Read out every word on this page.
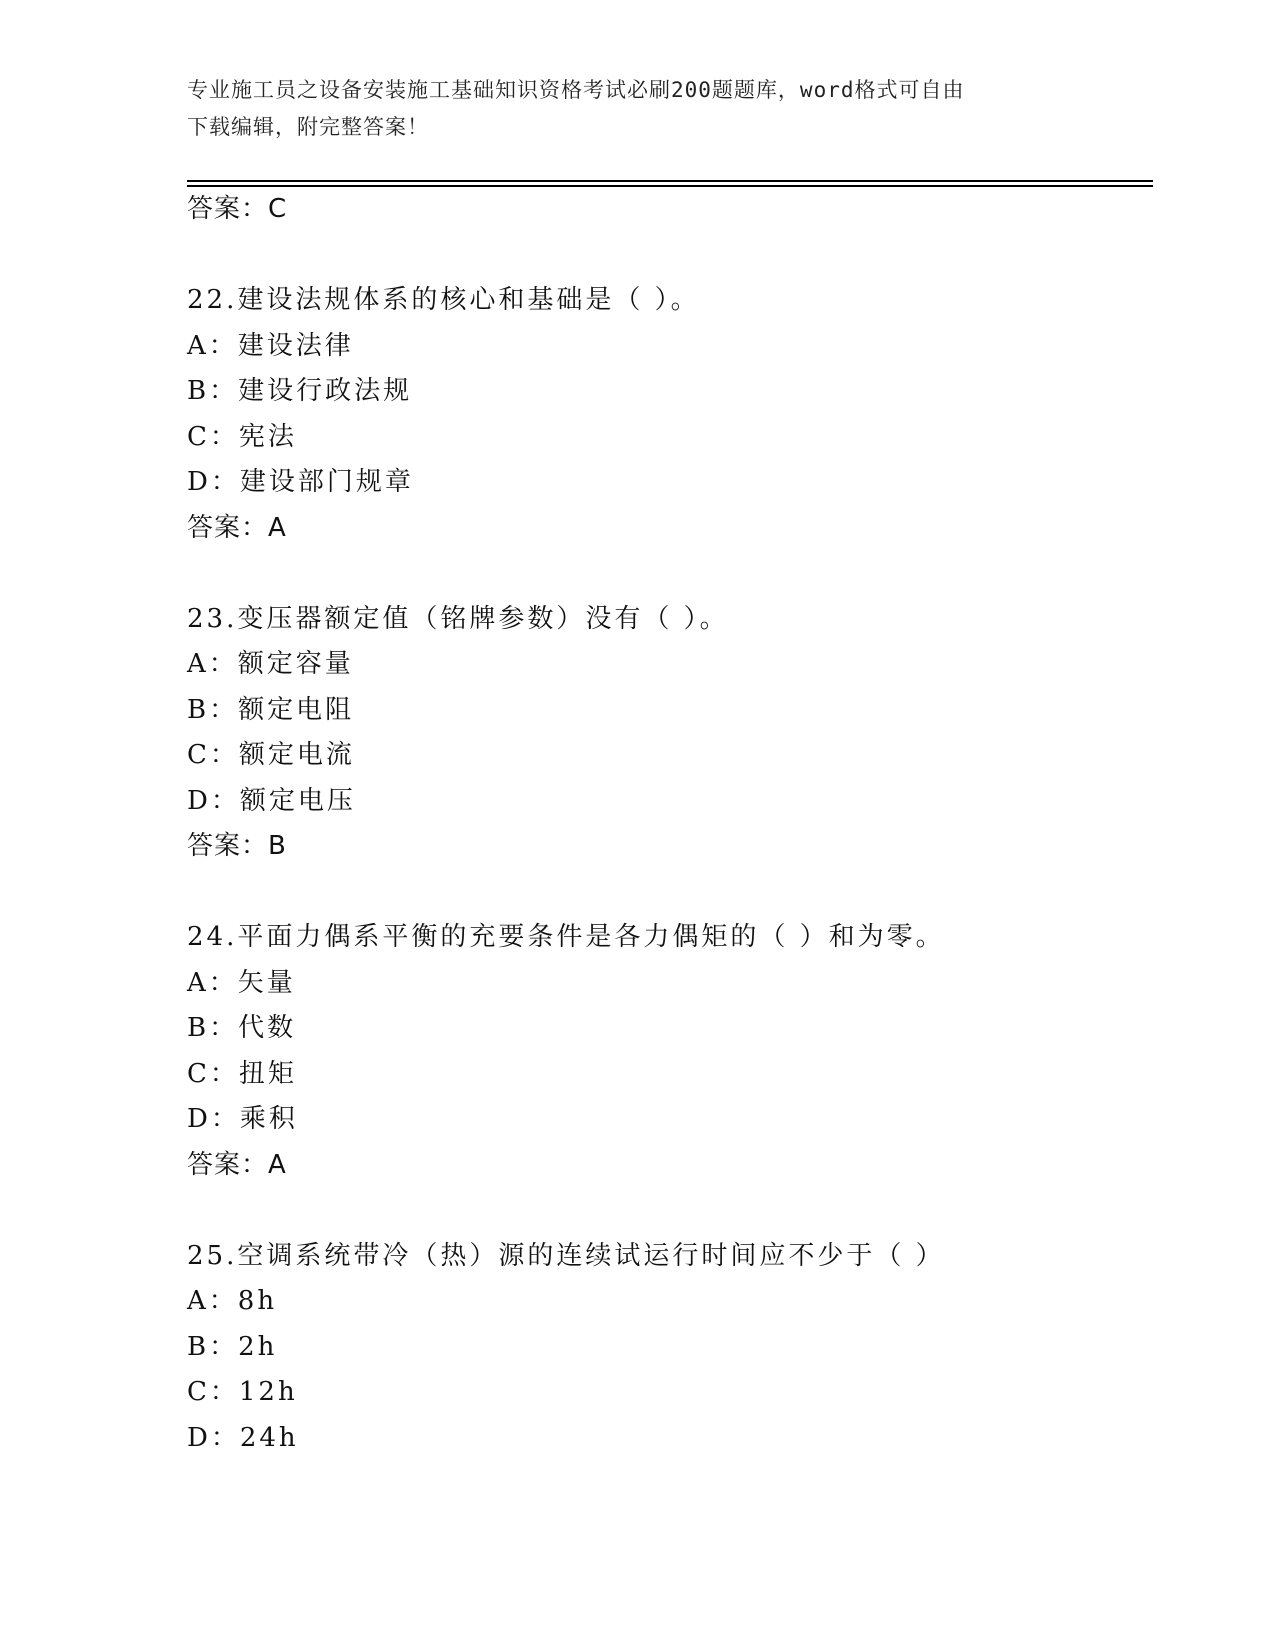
专业施工员之设备安装施工基础知识资格考试必刷200题题库，word格式可自由
下载编辑，附完整答案！

答案：C

22.建设法规体系的核心和基础是（ ）。

A：建设法律

B：建设行政法规

C：宪法

D：建设部门规章

答案：A

23.变压器额定值（铭牌参数）没有（ ）。

A：额定容量

B：额定电阻

C：额定电流

D：额定电压

答案：B

24.平面力偶系平衡的充要条件是各力偶矩的（ ）和为零。

A：矢量

B：代数

C：扭矩

D：乘积

答案：A

25.空调系统带冷（热）源的连续试运行时间应不少于（ ）

A：8h

B：2h

C：12h

D：24h
